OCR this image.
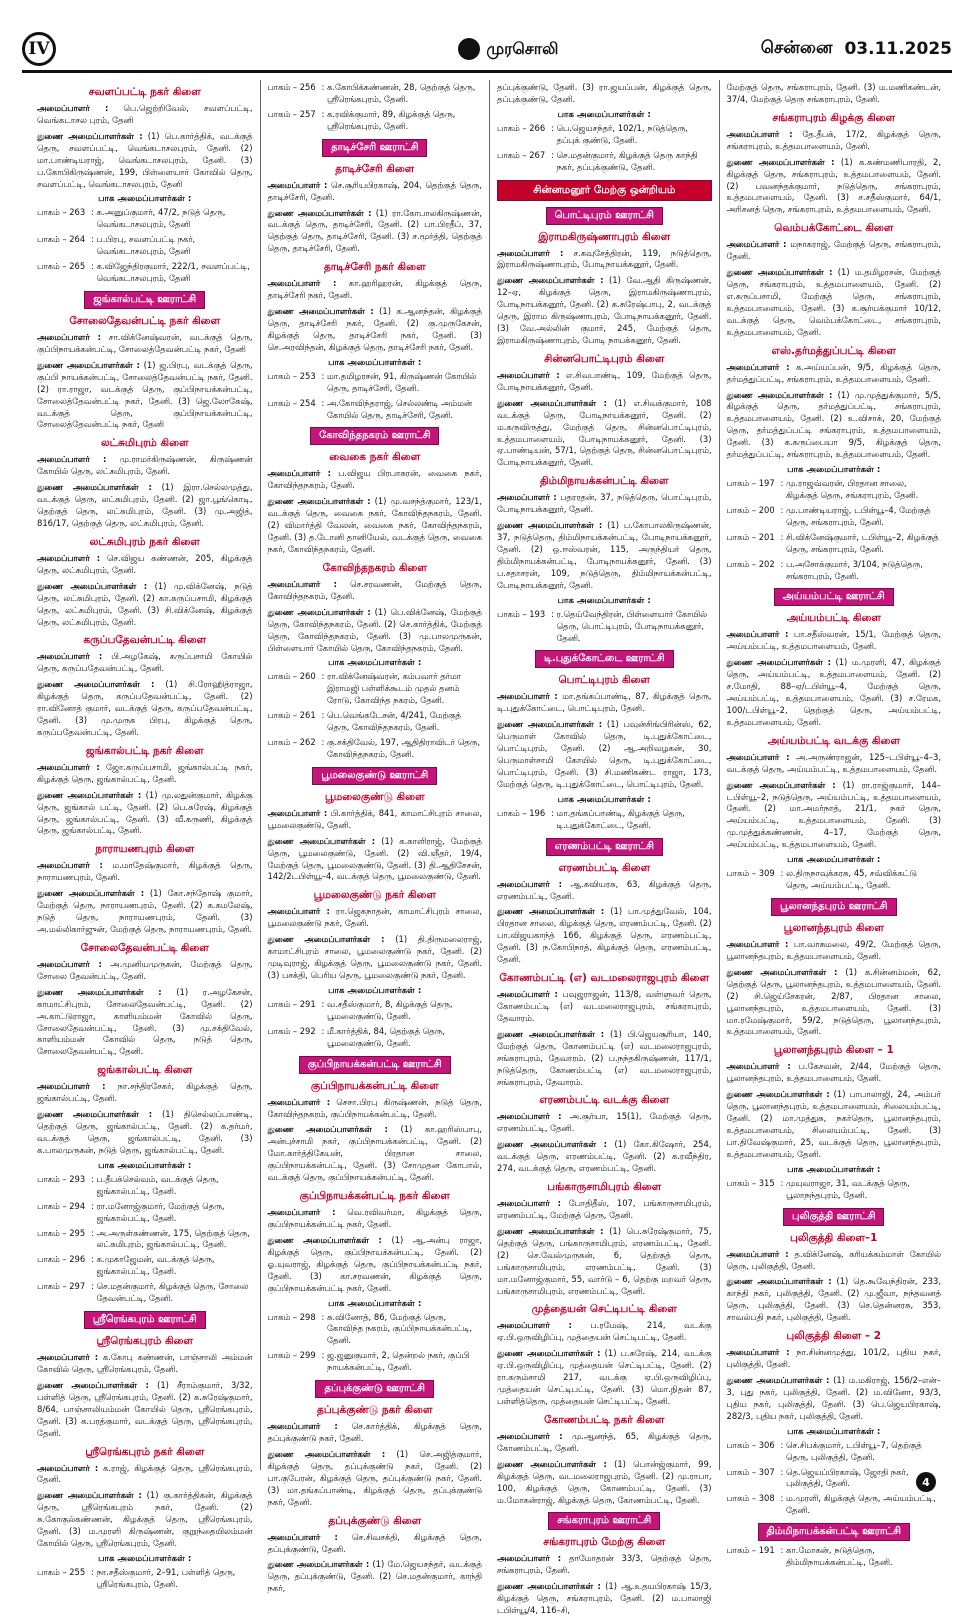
IV	முரசொலி	சென்னை 03.11.2025
சவளப்பட்டி நகர் கிளை
அமைப்பாளர் : பெ.ஜெற்றிவேல், சவளப்பட்டி, வெங்கடாசல புரம், தேனி
துணை அமைப்பாளர்கள் : (1) பெ.கார்த்திக், வடக்குத் தெரு, சவளப்பட்டி, வெங்கடாசலபுரம், தேனி. (2) மா.பாண்டியராஜ், வெங்கடாசலபுரம், தேனி. (3) ப.கோபிகிருஷ்ணன், 199, பிள்ளையார் கோவில் தெரு, சவளப்பட்டி, வெங்கடாசலபுரம், தேனி
பாக அமைப்பாளர்கள் :
பாகம் – 263 : க.அனுப்குமார், 47/2, நடுத் தெரு, வெங்கடாசலபுரம், தேனி
பாகம் – 264 : ப.பிரபு, சவளப்பட்டி நகர், வெங்கடாசலபுரம், தேனி
பாகம் – 265 : க.விஜேந்திரகுமார், 222/1, சவளப்பட்டி, வெங்கடாசலபுரம், தேனி
ஜங்கால்பட்டி ஊராட்சி
சோலைதேவன்பட்டி நகர் கிளை
அமைப்பாளர் : சா.விக்னேஷ்வரன், வடக்குத் தெரு, குப்பிநாயக்கன்பட்டி, சோலைத்தேவன்பட்டி நகர், தேனி
துணை அமைப்பாளர்கள் : (1) ஜ.பிரபு, வடக்குத் தெரு, குப்பி நாயக்கன்பட்டி, சோலைத்தேவன்பட்டி நகர், தேனி. (2) ரா.ராஜா, வடக்குத் தெரு, குப்பிநாயக்கன்பட்டி, சோலைத்தேவன்பட்டி நகர், தேனி. (3) ஜெ.லோகேஷ், வடக்குத் தெரு, குப்பிநாயக்கன்பட்டி, சோலைத்தேவன்பட்டி நகர், தேனி
லட்சுமிபுரம் கிளை
அமைப்பாளர் : மு.ராமர்கிருஷ்ணன், கிருஷ்ணன் கோயில் தெரு, லட்சுமிபுரம், தேனி.
துணை அமைப்பாளர்கள் : (1) இரா.செல்லமுத்து, வடக்குத் தெரு, லட்சுமிபுரம், தேனி. (2) ஜா.பூங்கொடி, தெற்குத் தெரு, லட்சுமிபுரம், தேனி. (3) மு.அஜித், 816/17, தெற்குத் தெரு, லட்சுமிபுரம், தேனி.
லட்சுமிபுரம் நகர் கிளை
அமைப்பாளர் : செ.விஜய கண்ணன், 205, கிழக்குத் தெரு, லட்சுமிபுரம், தேனி.
துணை அமைப்பாளர்கள் : (1) மு.விக்னேஷ், நடுத் தெரு, லட்சுமிபுரம், தேனி. (2) கா.கருப்பசாமி, கிழக்குத் தெரு, லட்சுமிபுரம், தேனி. (3) சி.விக்னேஷ், கிழக்குத் தெரு, லட்சுமிபுரம், தேனி.
கருப்பதேவன்பட்டி கிளை
அமைப்பாளர் : பி.அழகேஷ், கருப்பசாமி கோயில் தெரு, கருப்பதேவன்பட்டி, தேனி.
துணை அமைப்பாளர்கள் : (1) சி.ரோஹித்ராஜா, கிழக்குத் தெரு, கருப்பதேவன்பட்டி, தேனி. (2) ரா.வினோத் குமார், வடக்குத் தெரு, கருப்பதேவன்பட்டி, தேனி. (3) மு.முருக பிரபு, கிழக்குத் தெரு, கருப்பதேவன்பட்டி, தேனி.
ஜங்கால்பட்டி நகர் கிளை
அமைப்பாளர் : ஜோ.கருப்பசாமி, ஜங்கால்பட்டி நகர், கிழக்குத் தெரு, ஜங்கால்பட்டி, தேனி.
துணை அமைப்பாளர்கள் : (1) மு.லதுன்குமார், கிழக்கு தெரு, ஜங்கால் பட்டி, தேனி. (2) பெ.சுரேஷ், கிழக்குத் தெரு, ஜங்கால்பட்டி, தேனி. (3) வீ.கருணி, கிழக்குத் தெரு, ஜங்கால்பட்டி, தேனி.
நாராயணபுரம் கிளை
அமைப்பாளர் : ம.மாதேஷ்குமார், கிழக்குத் தெரு, நாராயணபுரம், தேனி.
துணை அமைப்பாளர்கள் : (1) கோ.சந்தோஷ் குமார், மேற்குத் தெரு, நாராயணபுரம், தேனி. (2) க.கமலேஷ், நடுத் தெரு, நாராயணபுரம், தேனி. (3) அ.மல்லிகார்ஜுன், மேற்குத் தெரு, நாராயணபுரம், தேனி.
சோலைதேவன்பட்டி கிளை
அமைப்பாளர் : அ.முனியமுருகன், மேற்குத் தெரு, சோலை தேவன்பட்டி, தேனி.
துணை அமைப்பாளர்கள் : (1) ர.அழகேசன், காமாட்சிபுரம், சோலைதேவன்பட்டி, தேனி. (2) அ.காட்டுராஜா, காளியம்மன் கோவில் தெரு, சோலைதேவன்பட்டி, தேனி. (3) மு.சக்திவேல், காளியம்மன் கோவில் தெரு, நடுத் தெரு, சோலைதேவன்பட்டி, தேனி.
ஜங்கால்பட்டி கிளை
அமைப்பாளர் : நா.சந்திரசேகர், கிழக்குத் தெரு, ஜங்கால்பட்டி, தேனி.
துணை அமைப்பாளர்கள் : (1) திசெல்லப்பாண்டி, தெற்குத் தெரு, ஜங்கால்பட்டி, தேனி. (2) க.தர்மர், வடக்குத் தெரு, ஜங்கால்பட்டி, தேனி. (3) க.பாலமுருகன், நடுத் தெரு, ஜங்கால்பட்டி, தேனி.
பாக அமைப்பாளர்கள் :
பாகம் – 293 : ப.தீபக்செல்வம், வடக்குத் தெரு, ஜங்கால்பட்டி, தேனி.
பாகம் – 294 : ரா.மனோஜ்குமார், மேற்குத் தெரு, ஜங்கால்பட்டி, தேனி.
பாகம் – 295 : அ.அருள்கண்ணன், 175, தெற்குத் தெரு, லட்சுமிபுரம், ஜங்கால்பட்டி, தேனி.
பாகம் – 296 : க.முகாஜேமன், வடக்குத் தெரு, ஜங்கால்பட்டி, தேனி.
பாகம் – 297 : செ.மதன்குமார், கிழக்குத் தெரு, சோலை தேவன்பட்டி, தேனி.
ஸ்ரீரெங்கபுரம் ஊராட்சி
ஸ்ரீரெங்கபுரம் கிளை
அமைப்பாளர் : க.கோபு கண்ணன், பாஞ்சாலி அம்மன் கோவில் தெரு, ஸ்ரீரெங்கபுரம், தேனி.
துணை அமைப்பாளர்கள் : (1) சீராம்குமார், 3/32, பள்ளித் தெரு, ஸ்ரீரெங்கபுரம், தேனி. (2) க.சுரேஷ்குமார், 8/64, பாஞ்சாலியம்மன் கோயில் தெரு, ஸ்ரீரெங்கபுரம், தேனி. (3) க.பரத்குமார், வடக்குத் தெரு, ஸ்ரீரெங்கபுரம், தேனி.
ஸ்ரீரெங்கபுரம் நகர் கிளை
அமைப்பாளர் : க.ராஜ், கிழக்குத் தெரு, ஸ்ரீரெங்கபுரம், தேனி.
துணை அமைப்பாளர்கள் : (1) கு.கார்த்திகன், கிழக்குத் தெரு, ஸ்ரீரெங்கபுரம் நகர், தேனி. (2) சு.கோகுல்கண்ணன், கிழக்குத் தெரு, ஸ்ரீரெங்கபுரம், தேனி. (3) ம.முரளி கிருஷ்ணன், குறுந்தையிலம்மன் கோயில் தெரு, ஸ்ரீரெங்கபுரம், தேனி.
பாக அமைப்பாளர்கள் :
பாகம் – 255 : நா.சதீஸ்குமார், 2–91, பள்ளித் தெரு, ஸ்ரீரெங்கபுரம், தேனி.
பாகம் – 256 : க.கோபிக்கண்ணன், 28, தெற்குத் தெரு, ஸ்ரீரெங்கபுரம், தேனி.
பாகம் – 257 : க.ரவிக்குமார், 89, கிழக்குத் தெரு, ஸ்ரீரெங்கபுரம், தேனி.
தாடிச்சேரி ஊராட்சி
தாடிச்சேரி கிளை
அமைப்பாளர் : செ.சூரியபிரகாஷ், 204, தெற்குத் தெரு, தாடிச்சேரி, தேனி.
துணை அமைப்பாளர்கள் : (1) ரா.கோபாலகிருஷ்ணன், வடக்குத் தெரு, தாடிச்சேரி, தேனி. (2) பா.பிரதீப், 37, தெற்குத் தெரு, தாடிச்சேரி, தேனி. (3) ச.மூர்த்தி, தெற்குத் தெரு, தாடிச்சேரி, தேனி.
தாடிச்சேரி நகர் கிளை
அமைப்பாளர் : கா.ஹரிஹரன், கிழக்குத் தெரு, தாடிச்சேரி நகர், தேனி.
துணை அமைப்பாளர்கள் : (1) க.ஆனந்தன், கிழக்குத் தெரு, தாடிச்சேரி நகர், தேனி. (2) கு.முருகேசன், கிழக்குத் தெரு, தாடிச்சேரி நகர், தேனி. (3) செ.அரவிந்தன், கிழக்குத் தெரு, தாடிச்சேரி நகர், தேனி.
பாக அமைப்பாளர்கள் :
பாகம் – 253 : மா.தமிழரசன், 91, கிருஷ்ணன் கோயில் தெரு, தாடிச்சேரி, தேனி.
பாகம் – 254 : அ.கோவிந்தராஜ், செல்லண்டி அம்மன் கோயில் தெரு, தாடிச்சேரி, தேனி.
கோவிந்தநகரம் ஊராட்சி
வைகை நகர் கிளை
அமைப்பாளர் : ப.விஜய பிரபாகரன், வைகை நகர், கோவிந்தநகரம், தேனி.
துணை அமைப்பாளர்கள் : (1) மு.வசந்த்குமார், 123/1, வடக்குத் தெரு, வைகை நகர், கோவிந்தநகரம், தேனி. (2) விமார்த்தி வேலன், வைகை நகர், கோவிந்தநகரம், தேனி. (3) த.டோனி தானியேல், வடக்குத் தெரு, வைகை நகர், கோவிந்தநகரம், தேனி.
கோவிந்தநகரம் கிளை
அமைப்பாளர் : செ.சரவணன், மேற்குத் தெரு, கோவிந்தநகரம், தேனி.
துணை அமைப்பாளர்கள் : (1) பெ.விக்னேஷ், மேற்குத் தெரு, கோவிந்தநகரம், தேனி. (2) செ.கார்த்திக், மேற்குத் தெரு, கோவிந்தநகரம், தேனி. (3) மு.பாலமுருகன், பிள்ளையார் கோயில் தெரு, கோவிந்தநகரம், தேனி.
பாக அமைப்பாளர்கள் :
பாகம் – 260 : ரா.விக்னேஷ்வரன், கம்பவார் தர்மா இராமஜி பள்ளிக்கூடம் முதல் தனம் ரோடு, கோவிந்த நகரம், தேனி.
பாகம் – 261 : பெ.வெங்கடேசன், 4/241, மேற்குத் தெரு, கோவிந்தநகரம், தேனி.
பாகம் – 262 : கு.சக்திவேல், 197, ஆதிதிராவிடர் தெரு, கோவிந்தநகரம், தேனி.
பூமலைகுண்டு ஊராட்சி
பூமலைகுண்டு கிளை
அமைப்பாளர் : பி.கார்த்திக், 841, காமாட்சிபுரம் சாலை, பூமலைகுண்டு, தேனி.
துணை அமைப்பாளர்கள் : (1) க.காளிராஜ், மேற்குத் தெரு, பூமலைகுண்டு, தேனி. (2) வி.ஞீதர், 19/4, மேற்குத் தெரு, பூமலைகுண்டு, தேனி. (3) தி.ஆதிசேசன், 142/2டபிள்யூ–4, வடக்குத் தெரு, பூமலைகுண்டு, தேனி.
பூமலைகுண்டு நகர் கிளை
அமைப்பாளர் : ரா.ஜெகநாதன், காமாட்சிபுரம் சாலை, பூமலைகுண்டு நகர், தேனி.
துணை அமைப்பாளர்கள் : (1) தி.திருமலைராஜ், காமாட்சிபுரம் சாலை, பூமலைகுண்டு நகர், தேனி. (2) முடிவுராஜ், கிழக்குத் தெரு, பூமலைகுண்டு நகர், தேனி. (3) பசக்தி, பெரிய தெரு, பூமலைகுண்டு நகர், தேனி.
பாக அமைப்பாளர்கள் :
பாகம் – 291 : வ.சதீஸ்குமார், 8, கிழக்குத் தெரு, பூமலைகுண்டு, தேனி.
பாகம் – 292 : மீ.கார்த்திக், 84, தெற்குத் தெரு, பூமலைகுண்டு, தேனி.
குப்பிநாயக்கன்பட்டி ஊராட்சி
குப்பிநாயக்கன்பட்டி கிளை
அமைப்பாளர் : செசா.பிரபு கிருஷ்ணன், நடுத் தெரு, கோவிந்தநகரம், குப்பிநாயக்கன்பட்டி, தேனி.
துணை அமைப்பாளர்கள் : (1) கா.ஹரிஸ்பாபு, அன்புச்சாமி நகர், குப்பிநாயக்கன்பட்டி, தேனி. (2) மோ.கார்த்திகேயன், பிரதான சாலை, குப்பிநாயக்கன்பட்டி, தேனி. (3) சோமுதன கோபால், வடக்குத் தெரு, குப்பிநாயக்கன்பட்டி, தேனி.
குப்பிநாயக்கன்பட்டி நகர் கிளை
அமைப்பாளர் : வெ.ரவிவர்மா, கிழக்குத் தெரு, குப்பிநாயக்கன்பட்டி நகர், தேனி.
துணை அமைப்பாளர்கள் : (1) ஆ.அன்பு ராஜா, கிழக்குத் தெரு, குப்பிநாயக்கன்பட்டி, தேனி. (2) ஓ.யுவராஜ், கிழக்குத் தெரு, குப்பிநாயக்கன்பட்டி நகர், தேனி. (3) கா.சரவணன், கிழக்குத் தெரு, குப்பிநாயக்கன்பட்டி நகர், தேனி.
பாக அமைப்பாளர்கள் :
பாகம் – 298 : சு.வினோத், 86, மேற்குத் தெரு, கோவிந்த நகரம், குப்பிநாயக்கன்பட்டி, தேனி.
பாகம் – 299 : ஜ.ஜனுகுமார், 2, தென்றல் நகர், குப்பி நாயக்கன்பட்டி, தேனி.
தப்புக்குண்டு ஊராட்சி
தப்புக்குண்டு நகர் கிளை
அமைப்பாளர் : செ.கார்த்திக், கிழக்குத் தெரு, தப்புக்குண்டு நகர், தேனி.
துணை அமைப்பாளர்கள் : (1) செ.அஜித்குமார், கிழக்குத் தெரு, தப்புக்குண்டு நகர், தேனி. (2) பா.குபேரன், கிழக்குத் தெரு, தப்புக்குண்டு நகர், தேனி. (3) மா.தங்கப்பாண்டி, கிழக்குத் தெரு, தப்புக்குண்டு நகர், தேனி.
தப்புக்குண்டு கிளை
அமைப்பாளர் : செ.சிவசக்தி, கிழக்குத் தெரு, தப்புக்குண்டு, தேனி.
துணை அமைப்பாளர்கள் : (1) மே.ஜெயசந்தர், வடக்குத் தெரு, தப்புக்குண்டு, தேனி. (2) செ.மதன்குமார், காந்தி நகர்,
தப்புக்குண்டு, தேனி. (3) ரா.ஜயப்பன், கிழக்குத் தெரு, தப்புக்குண்டு, தேனி.
பாக அமைப்பாளர்கள் :
பாகம் – 266 : பெ.ஜெயசந்தர், 102/1, நடுத்தெரு, தப்புக் குண்டு, தேனி.
பாகம் – 267 : செ.மதன்குமார், கிழக்குத் தெரு காந்தி நகர், தப்புக்குண்டு, தேனி.
சின்னமனூர் மேற்கு ஒன்றியம்
பொட்டிபுரம் ஊராட்சி
இராமகிருஷ்ணாபுரம் கிளை
அமைப்பாளர் : ச.கவுசேத்திரன், 119, நடுத்தெரு, இராமகிருஷ்ணாபுரம், போடிநாயக்கனூர், தேனி.
துணை அமைப்பாளர்கள் : (1) வே.ஆதி கிருஷ்ணன், 12–ஏ, கிழக்குத் தெரு, இராமகிருஷ்ணாபுரம், போடிநாயக்கனூர், தேனி. (2) க.சுரேஷ்பாபு, 2, வடக்குத் தெரு, இராம கிருஷ்ணாபுரம், போடிநாயக்கனூர், தேனி. (3) வே.அல்லின் குமார், 245, மேற்குத் தெரு, இராமகிருஷ்ணாபுரம், போடி நாயக்கனூர், தேனி.
சின்னபொட்டிபுரம் கிளை
அமைப்பாளர் : எ.சிவபாண்டி, 109, மேற்குத் தெரு, போடிநாயக்கனூர், தேனி.
துணை அமைப்பாளர்கள் : (1) எ.சிவக்குமார், 108 வடக்குத் தெரு, போடிநாயக்கனூர், தேனி. (2) ம.கருவிருத்து, மேற்குத் தெரு, சின்னபொட்டிபுரம், உத்தமபாளையம், போடிநாயக்கனூர், தேனி. (3) ஏ.பாண்டியன், 57/1, தெற்குத் தெரு, சின்னபொட்டிபுரம், போடிநாயக்கனூர், தேனி.
திம்மிநாயக்கன்பட்டி கிளை
அமைப்பாளர் : பதரரதன், 37, நடுத்தெரு, பொட்டிபுரம், போடிநாயக்கனூர், தேனி.
துணை அமைப்பாளர்கள் : (1) ப.கோபாலகிருஷ்ணன், 37, நடுத்தெரு, திம்மிநாயக்கன்பட்டி, போடிநாயக்கனூர், தேனி. (2) ஒ.ஈஸ்வரன், 115, அருந்தியர் தெரு, திம்மிநாயக்கன்பட்டி, போடிநாயக்கனூர், தேனி. (3) ப.சதாசரன், 109, நடுத்தெரு, திம்மிநாயக்கன்பட்டி, போடிநாயக்கனூர், தேனி.
பாக அமைப்பாளர்கள் :
பாகம் – 193 : ர.தெய்வேந்திரன், பிள்ளையார் கோயில் தெரு, பொட்டிபுரம், போடிநாயக்கனூர், தேனி.
டி.புதுக்கோட்டை ஊராட்சி
பொட்டிபுரம் கிளை
அமைப்பாளர் : மா.தங்கப்பாண்டி, 87, கிழக்குத் தெரு, டி.புதுக்கோட்டை, பொட்டிபுரம், தேனி.
துணை அமைப்பாளர்கள் : (1) பவுன்சிங்பிரின்ஸ், 62, பெருமாள் கோவில் தெரு, டி.புதுக்கோட்டை, பொட்டிபுரம், தேனி. (2) ஆ.அறிவழகன், 30, பெருமாள்சாமி கோயில் தெரு, டி.புதுக்கோட்டை, பொட்டிபுரம், தேனி. (3) சி.மணிகண்ட ராஜா, 173, மேற்குத் தெரு, டி.புதுக்கோட்டை, பொட்டிபுரம், தேனி.
பாக அமைப்பாளர்கள் :
பாகம் – 196 : மா.தங்கப்பாண்டி, கிழக்குத் தெரு, டி.புதுக்கோட்டை, தேனி.
எரணம்பட்டி ஊராட்சி
எரணம்பட்டி கிளை
அமைப்பாளர் : ஆ.கவியரசு, 63, கிழக்குத் தெரு, எரணம்பட்டி, தேனி.
துணை அமைப்பாளர்கள் : (1) பா.முத்துவேல், 104, பிரதான சாலை, கிழக்குத் தெரு, எரணம்பட்டி, தேனி. (2) பா.விஜயகாந்த் 166, கிழக்குத் தெரு, எரணம்பட்டி, தேனி. (3) ந.கோபிநாத், கிழக்குத் தெரு, எரணம்பட்டி, தேனி.
கோணம்பட்டி (எ) வடமலைராஜபுரம் கிளை
அமைப்பாளர் : பவுஜராஜன், 113/8, வள்ளுவர் தெரு, கோணம்பட்டி (எ) வடமலைராஜபுரம், சங்கராபுரம், தேவாரம்.
துணை அமைப்பாளர்கள் : (1) பி.ஜெயசூரியா, 140, மேற்குத் தெரு, கோணம்பட்டி (எ) வடமலைராஜபுரம், சங்கராபுரம், தேவாரம். (2) ப.நந்தகிருஷ்ணன், 117/1, நடுத்தெரு, கோணம்பட்டி (எ) வடமலைராஜபுரம், சங்கராபுரம், தேவாரம்.
எரணம்பட்டி வடக்கு கிளை
அமைப்பாளர் : அ.சூர்யா, 15(1), மேற்குத் தெரு, எரணம்பட்டி, தேனி.
துணை அமைப்பாளர்கள் : (1) கோ.கிஷோர், 254, வடக்குத் தெரு, எரணம்பட்டி, தேனி. (2) க.ரவீந்திர, 274, வடக்குத் தெரு, எரணம்பட்டி, தேனி.
பங்காருசாமிபுரம் கிளை
அமைப்பாளர் : போதிதீஸ், 107, பங்காருசாமிபுரம், எரணம்பட்டி, மேற்குத் தெரு, தேனி.
துணை அமைப்பாளர்கள் : (1) பெ.சுரேஷ்குமார், 75, தெற்குத் தெரு, பங்காருசாமிபுரம், எரணம்பட்டி, தேனி. (2) செ.வேல்முருகன், 6, தெற்குத் தெரு, பங்காருசாமிபுரம், எரணம்பட்டி, தேனி. (3) மா.மனோஜ்குமார், 55, வார்டு – 6, தெற்கு மறவர் தெரு, பங்காருசாமிபுரம், எரணம்பட்டி, தேனி.
முத்தையன் செட்டிபட்டி கிளை
அமைப்பாளர் : ப.ரமேஷ், 214, வடக்கு ஏ.பி.ஒருவிழிப்பு, முத்தையன் செட்டிபட்டி, தேனி.
துணை அமைப்பாளர்கள் : (1) ப.சுரேஷ், 214, வடக்கு ஏ.பி.ஒருவிழிப்பு, முத்தையன் செட்டிபட்டி, தேனி. (2) ரா.கரும்சாமி 217, வடக்கு ஏ.பி.ஒருவிழிப்பு, முத்தையன் செட்டிபட்டி, தேனி. (3) மொ.நிதன் 87, பள்ளித்தெரு, முத்தையன் செட்டிபட்டி, தேனி.
கோணம்பட்டி நகர் கிளை
அமைப்பாளர் : மு.ஆனந்த், 65, கிழக்குத் தெரு, கோணம்பட்டி, தேனி.
துணை அமைப்பாளர்கள் : (1) பொன்ஜ்குமார், 99, கிழக்குத் தெரு, வடமலைராஜபுரம், தேனி. (2) மு.ராபா, 100, கிழக்குத் தெரு, கோணம்பட்டி, தேனி. (3) ம.மோகன்ராஜ், கிழக்குத் தெரு, கோணம்பட்டி, தேனி.
சங்கராபுரம் ஊராட்சி
சங்கராபுரம் மேற்கு கிளை
அமைப்பாளர் : தாமோதரன் 33/3, தெற்குத் தெரு, சங்கராபுரம், தேனி.
துணை அமைப்பாளர்கள் : (1) ஆ.உதயபிரகாஷ் 15/3, கிழக்குத் தெரு, சங்கராபுரம், தேனி. (2) ம.பாலாஜி டபிள்யூ/4, 116–சி,
மேற்குத் தெரு, சங்கராபுரம், தேனி. (3) ம.மணிகண்டன், 37/4, மேற்குத் தெரு சங்கராபுரம், தேனி.
சங்கராபுரம் கிழக்கு கிளை
அமைப்பாளர் : தே.தீபக், 17/2, கிழக்குத் தெரு, சங்கராபுரம், உத்தமபாளையம், தேனி.
துணை அமைப்பாளர்கள் : (1) க.கண்மணிபாரதி, 2, கிழக்குத் தெரு, சங்கராபுரம், உத்தமபாளையம், தேனி. (2) பவனந்தக்குமார், நடுத்தெரு, சங்கராபுரம், உத்தமபாளையம், தேனி. (3) ச.சதீஸ்குமார், 64/1, அரிசனத் தெரு, சங்கராபுரம், உத்தமபாளையம், தேனி.
வெம்பக்கோட்டை கிளை
அமைப்பாளர் : மநாகராஜ், மேற்குத் தெரு, சங்கராபுரம், தேனி.
துணை அமைப்பாளர்கள் : (1) ம.தமிழரசன், மேற்குத் தெரு, சங்கராபுரம், உத்தமபாளையம், தேனி. (2) எ.கருப்பசாமி, மேற்குத் தெரு, சங்கராபுரம், உத்தமபாளையம், தேனி. (3) க.சூர்யக்குமார் 10/12, வடக்குத் தெரு, வெம்பக்கோட்டை, சங்கராபுரம், உத்தமபாளையம், தேனி.
எஸ்.தர்மத்துப்பட்டி கிளை
அமைப்பாளர் : க.அய்யப்பன், 9/5, கிழக்குத் தெரு, தர்மத்துப்பட்டி, சங்கராபுரம், உத்தமபாளையம், தேனி.
துணை அமைப்பாளர்கள் : (1) மு.முத்துக்குமார், 5/5, கிழக்குத் தெரு, தர்மத்துப்பட்டி, சங்கராபுரம், உத்தமபாளையம், தேனி. (2) உ.விசாக், 20, மேற்குத் தெரு, தர்மத்துப்பட்டி சங்கராபுரம், உத்தமபாளையம், தேனி. (3) க.கருப்பையா 9/5, கிழக்குத் தெரு, தர்மத்துப்பட்டி, சங்கராபுரம், உத்தமபாளையம், தேனி.
பாக அமைப்பாளர்கள் :
பாகம் – 197 : மு.ராஜவ்வரன், பிரதான சாலை, கிழக்குத் தெரு, சங்கராபுரம், தேனி.
பாகம் – 200 : மு.பாண்டியராஜ், டபிள்யூ–4, மேற்குத் தெரு, சங்கராபுரம், தேனி.
பாகம் – 201 : சி.விக்னேஷ்குமார், டபிள்யூ–2, கிழக்குத் தெரு, சங்கராபுரம், தேனி.
பாகம் – 202 : ப.அசோக்குமார், 3/104, நடுத்தெரு, சங்கராபுரம், தேனி.
அய்யம்பட்டி ஊராட்சி
அய்யம்பட்டி கிளை
அமைப்பாளர் : பா.சதீஸ்வரன், 15/1, மேற்குத் தெரு, அய்யம்பட்டி, உத்தமபாளையம், தேனி.
துணை அமைப்பாளர்கள் : (1) ம.முரளி, 47, கிழக்குத் தெரு, அய்யம்பட்டி, உத்தமபாளையம், தேனி. (2) ச.மோதி, 88–ஏ/டபிள்யூ–4, மேற்குத் தெரு, அய்யம்பட்டி, உத்தமபாளையம், தேனி. (3) ச.ரேமக, 100/டபிள்யூ–2, தெற்குத் தெரு, அய்யம்பட்டி, உத்தமபாளையம், தேனி.
அய்யம்பட்டி வடக்கு கிளை
அமைப்பாளர் : அ.அருண்ராஜன், 125–டபிள்யூ–4–3, வடக்குத் தெரு, அய்யம்பட்டி, உத்தமபாளையம், தேனி.
துணை அமைப்பாளர்கள் : (1) ரா.ராஜ்குமார், 144–டபிள்யூ–2, நடுத்தெரு, அய்யம்பட்டி, உத்தமபாளையம், தேனி. (2) மா.அமர்நாத், 21/1, நகர் தெரு, அய்யம்பட்டி, உத்தமபாளையம், தேனி. (3) மு.முத்துக்கண்ணன், 4–17, மேற்குத் தெரு, அய்யம்பட்டி, உத்தமபாளையம், தேனி.
பாக அமைப்பாளர்கள் :
பாகம் – 309 : ல.திருநாவுக்கரசு, 45, சவ்விக்கட்டு தெரு, அய்யம்பட்டி, தேனி.
பூலானந்தபுரம் ஊராட்சி
பூலானந்தபுரம் கிளை
அமைப்பாளர் : பா.வாசுமலை, 49/2, மேற்குத் தெரு, பூலானந்தபுரம், உத்தமபாளையம், தேனி.
துணை அமைப்பாளர்கள் : (1) க.சின்னம்மன், 62, தெற்குத் தெரு, பூலானந்தபுரம், உத்தமபாளையம், தேனி. (2) சி.ஜெய்சேகரன், 2/87, பிரதான சாலை, பூலானந்தபுரம், உத்தமபாளையம், தேனி. (3) மா.ரமேஷ்குமார், 59/2, நடுத்தெரு, பூலானந்தபுரம், உத்தமபாளையம், தேனி.
பூலானந்தபுரம் கிளை – 1
அமைப்பாளர் : ப.கேசவன், 2/44, மேற்குத் தெரு, பூலானந்தபுரம், உத்தமபாளையம், தேனி.
துணை அமைப்பாளர்கள் : (1) பாபாலாஜி, 24, அம்பர் தெரு, பூலானந்தபுரம், உத்தமபாளையம், சிலையம்பட்டி, தேனி. (2) மா.முத்துசு, நகர்தெரு, பூலானந்தபுரம், உத்தமபாளையம், சிலையம்பட்டி, தேனி. (3) பா.திவேஷ்குமார், 25, வடக்குத் தெரு, பூலானந்தபுரம், உத்தமபாளையம், தேனி.
பாக அமைப்பாளர்கள் :
பாகம் – 315 : முயுவராஜா, 31, வடக்குத் தெரு, பூலாநந்தபுரம், தேனி.
புலிகுத்தி ஊராட்சி
புலிகுத்தி கிளை–1
அமைப்பாளர் : த.விக்னேஷ், கரியக்கம்மாள் கோயில் தெரு, புலிகுத்தி, தேனி.
துணை அமைப்பாளர்கள் : (1) தெ.கூவேந்திரன், 233, காந்தி நகர், புலிகுத்தி, தேனி. (2) மு.ஜீவா, நந்தவனத் தெரு, புலிகுத்தி, தேனி. (3) செ.தென்னரசு, 353, சாவல்பதி நகர், புலிகுத்தி, தேனி.
புலிகுத்தி கிளை – 2
அமைப்பாளர் : நா.சின்னமுத்து, 101/2, புதிய நகர், புலிகுத்தி, தேனி.
துணை அமைப்பாளர்கள் : (1) ம.மகிராஜ், 156/2–என்–3, புது நகர், புலிகுத்தி, தேனி. (2) ம.வினோ, 93/3, புதிய நகர், புலிகுத்தி, தேனி. (3) பெ.ஜெயபிரகாஷ், 282/3, புதிய நகர், புலிகுத்தி, தேனி.
பாக அமைப்பாளர்கள் :
பாகம் – 306 : செ.சிபக்குமார், டபிள்யூ–7, தெற்குத் தெரு, புலிகுத்தி, தேனி.
பாகம் – 307 : தெ.ஜெயப்பிரகாஷ், ஜோதி நகர், புலிகுத்தி, தேனி.
பாகம் – 308 : ம.முரளி, கிழக்குத் தெரு, அய்யம்பட்டி, தேனி.
திம்மிநாயக்கன்பட்டி ஊராட்சி
பாகம் – 191 : கா.மோகன், நடுத்தெரு, திம்மிநாயக்கன்பட்டி, தேனி.
4
